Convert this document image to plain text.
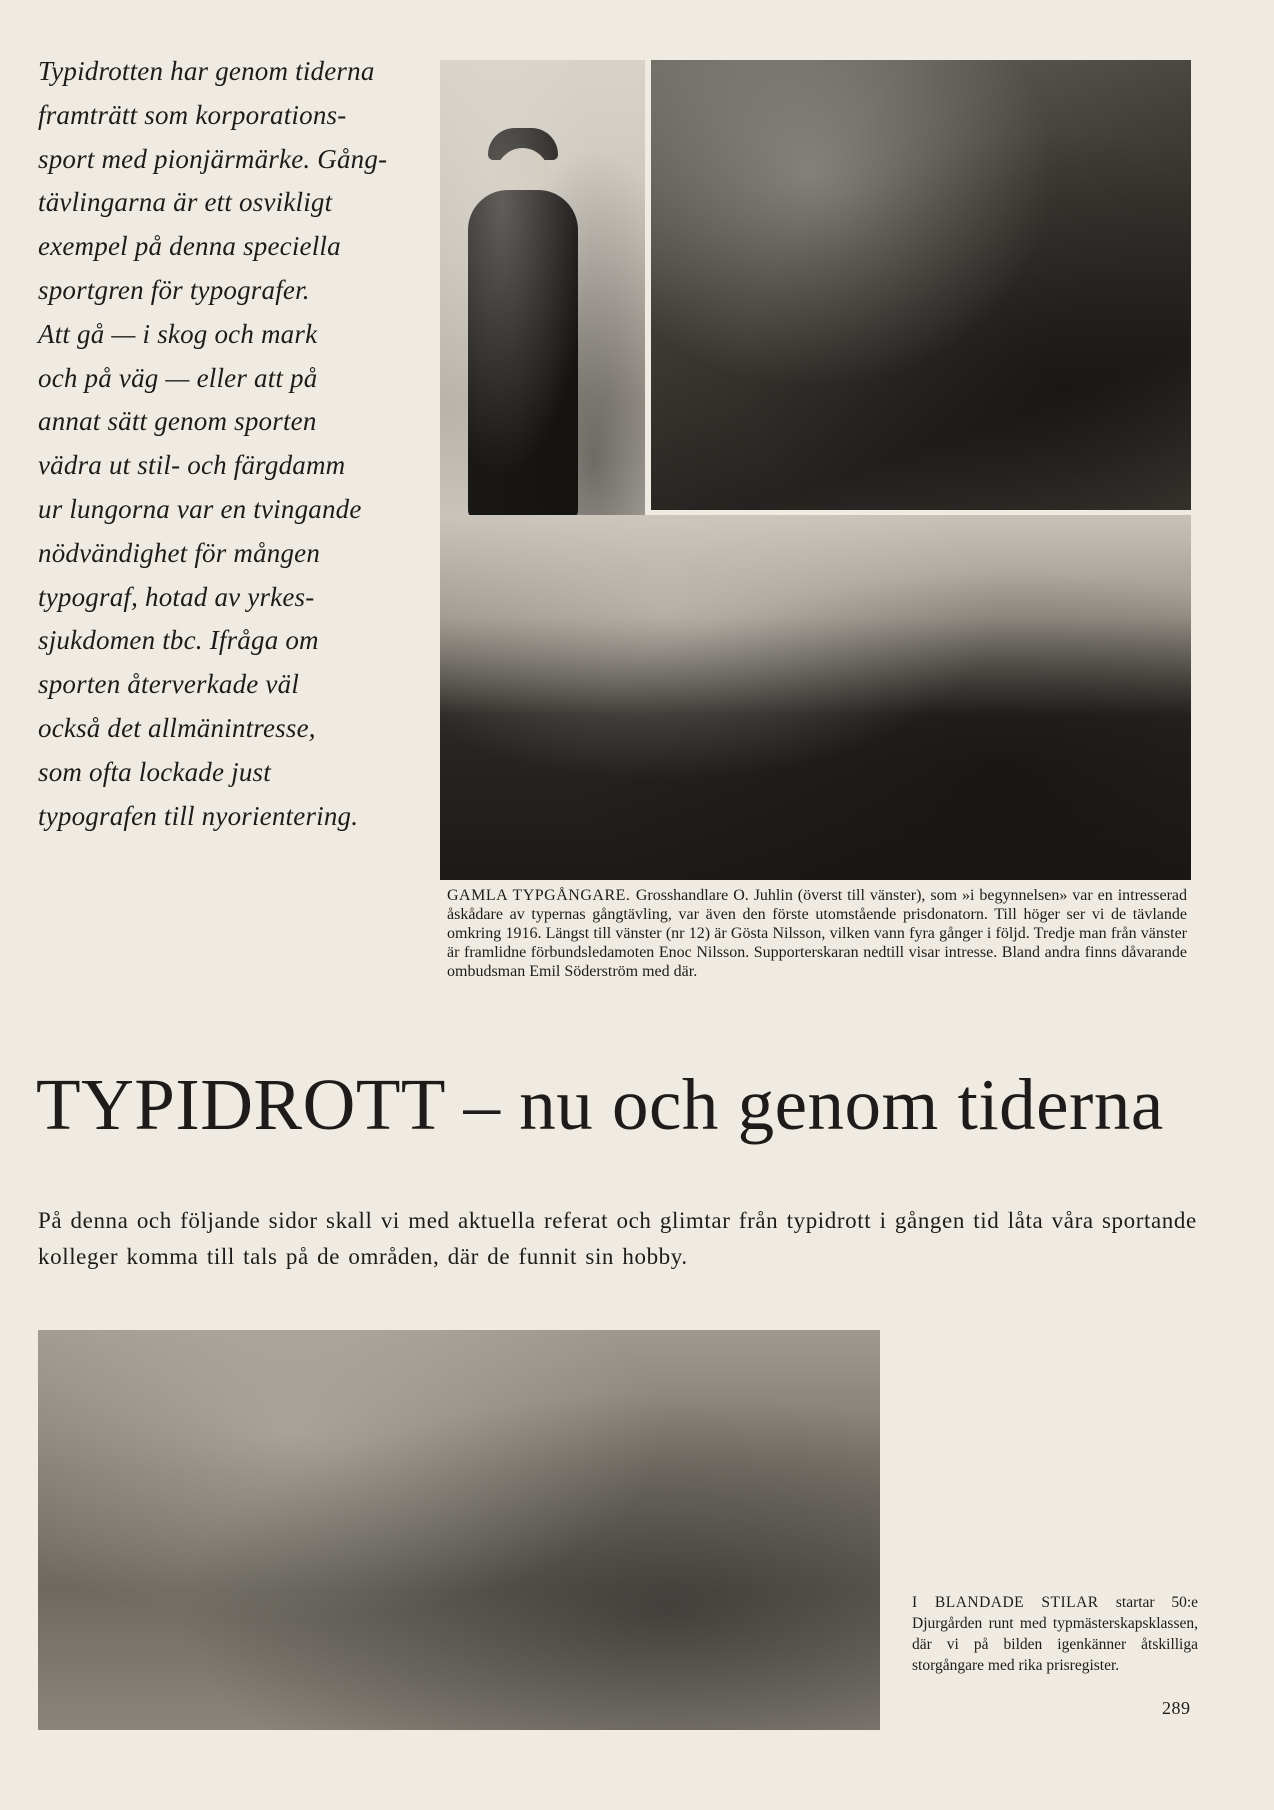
Typidrotten har genom tiderna
framträtt som korporations-
sport med pionjärmärke. Gång-
tävlingarna är ett osvikligt
exempel på denna speciella
sportgren för typografer.
Att gå — i skog och mark
och på väg — eller att på
annat sätt genom sporten
vädra ut stil- och färgdamm
ur lungorna var en tvingande
nödvändighet för mången
typograf, hotad av yrkes-
sjukdomen tbc. Ifråga om
sporten återverkade väl
också det allmänintresse,
som ofta lockade just
typografen till nyorientering.

GAMLA TYPGÅNGARE. Grosshandlare O. Juhlin (överst till vänster), som »i begynnelsen» var en intresserad åskådare av typernas gångtävling, var även den förste utomstående prisdonatorn. Till höger ser vi de tävlande omkring 1916. Längst till vänster (nr 12) är Gösta Nilsson, vilken vann fyra gånger i följd. Tredje man från vänster är framlidne förbundsledamoten Enoc Nilsson. Supporterskaran nedtill visar intresse. Bland andra finns dåvarande ombudsman Emil Söderström med där.

TYPIDROTT – nu och genom tiderna

På denna och följande sidor skall vi med aktuella referat och glimtar från typidrott i gången tid låta våra sportande kolleger komma till tals på de områden, där de funnit sin hobby.

I BLANDADE STILAR startar 50:e Djurgården runt med typmästerskapsklassen, där vi på bilden igenkänner åtskilliga storgångare med rika prisregister.

289
